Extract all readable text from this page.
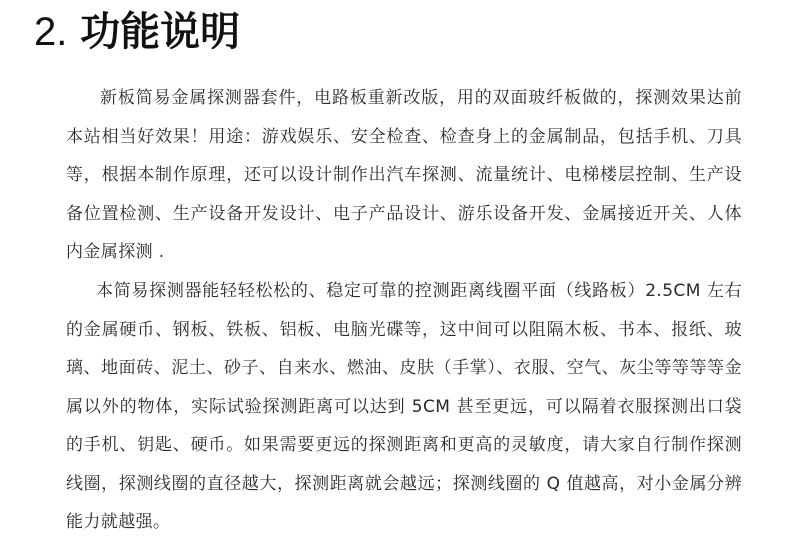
2. 功能说明

新板简易金属探测器套件，电路板重新改版，用的双面玻纤板做的，探测效果达前本站相当好效果！用途：游戏娱乐、安全检查、检查身上的金属制品，包括手机、刀具等，根据本制作原理，还可以设计制作出汽车探测、流量统计、电梯楼层控制、生产设备位置检测、生产设备开发设计、电子产品设计、游乐设备开发、金属接近开关、人体内金属探测 .

本简易探测器能轻轻松松的、稳定可靠的控测距离线圈平面（线路板）2.5CM 左右的金属硬币、钢板、铁板、铝板、电脑光碟等，这中间可以阻隔木板、书本、报纸、玻璃、地面砖、泥土、砂子、自来水、燃油、皮肤（手掌）、衣服、空气、灰尘等等等等金属以外的物体，实际试验探测距离可以达到 5CM 甚至更远，可以隔着衣服探测出口袋的手机、钥匙、硬币。如果需要更远的探测距离和更高的灵敏度，请大家自行制作探测线圈，探测线圈的直径越大，探测距离就会越远；探测线圈的 Q 值越高，对小金属分辨能力就越强。
